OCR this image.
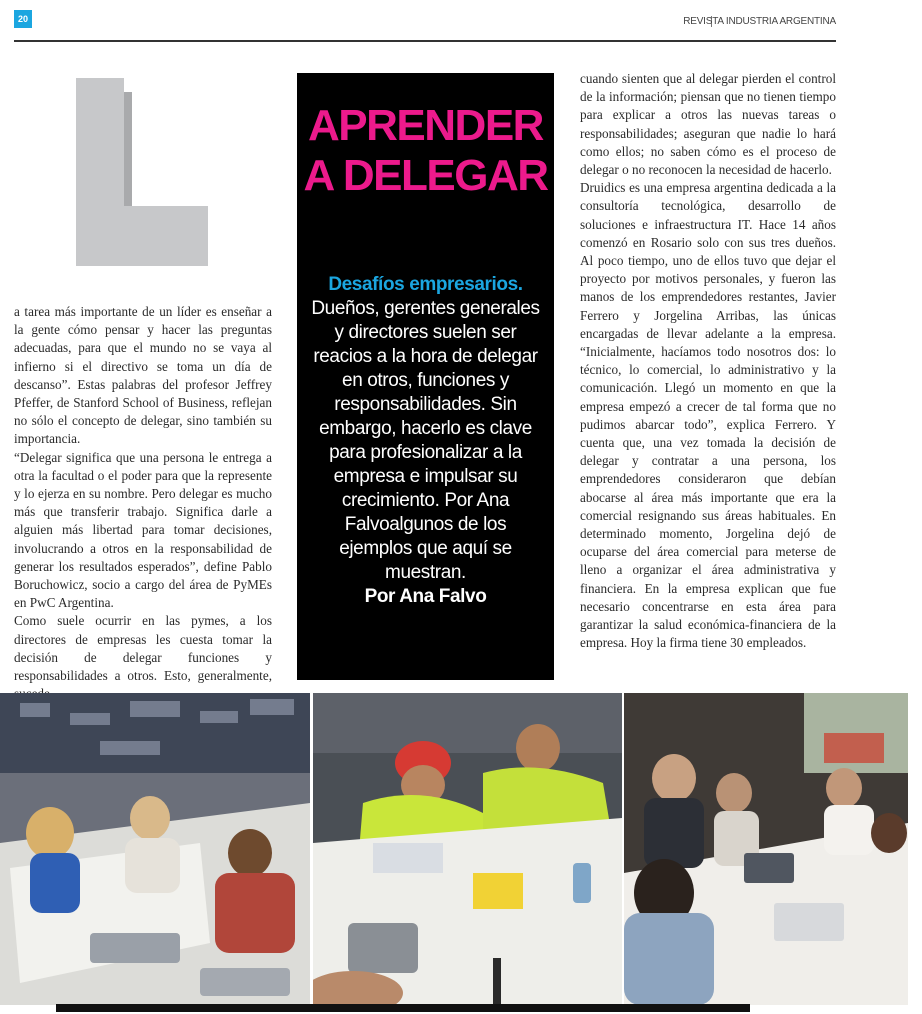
20	REVISTA INDUSTRIA ARGENTINA

a tarea más importante de un líder es enseñar a la gente cómo pensar y hacer las preguntas adecuadas, para que el mundo no se vaya al infierno si el directivo se toma un día de descanso”. Estas palabras del profesor Jeffrey Pfeffer, de Stanford School of Business, reflejan no sólo el concepto de delegar, sino también su importancia.

“Delegar significa que una persona le entrega a otra la facultad o el poder para que la represente y lo ejerza en su nombre. Pero delegar es mucho más que transferir trabajo. Significa darle a alguien más libertad para tomar decisiones, involucrando a otros en la responsabilidad de generar los resultados esperados”, define Pablo Boruchowicz, socio a cargo del área de PyMEs en PwC Argentina.

Como suele ocurrir en las pymes, a los directores de empresas les cuesta tomar la decisión de delegar funciones y responsabilidades a otros. Esto, generalmente,

APRENDER
A DELEGAR
Desafíos empresarios. Dueños, gerentes generales y directores suelen ser reacios a la hora de delegar en otros, funciones y responsabilidades. Sin embargo, hacerlo es clave para profesionalizar a la empresa e impulsar su crecimiento. Por Ana Falvoalgunos de los ejemplos que aquí se muestran.
Por Ana Falvo

cuando sienten que al delegar pierden el control de la información; piensan que no tienen tiempo para explicar a otros las nuevas tareas o responsabilidades; aseguran que nadie lo hará como ellos; no saben cómo es el proceso de delegar o no reconocen la necesidad de hacerlo.

Druidics es una empresa argentina dedicada a la consultoría tecnológica, desarrollo de soluciones e infraestructura IT. Hace 14 años comenzó en Rosario solo con sus tres dueños. Al poco tiempo, uno de ellos tuvo que dejar el proyecto por motivos personales, y fueron las manos de los emprendedores restantes, Javier Ferrero y Jorgelina Arribas, las únicas encargadas de llevar adelante a la empresa. “Inicialmente, hacíamos todo nosotros dos: lo técnico, lo comercial, lo administrativo y la comunicación. Llegó un momento en que la empresa empezó a crecer de tal forma que no pudimos abarcar todo”, explica Ferrero. Y cuenta que, una vez tomada la decisión de delegar y contratar a una persona, los emprendedores consideraron que debían abocarse al área más importante que era la comercial resignando sus áreas habituales. En determinado momento, Jorgelina dejó de ocuparse del área comercial para meterse de lleno a organizar el área administrativa y financiera. En la empresa explican que fue necesario concentrarse en esta área para garantizar la salud económica-financiera de la empresa. Hoy la firma tiene 30 empleados.
